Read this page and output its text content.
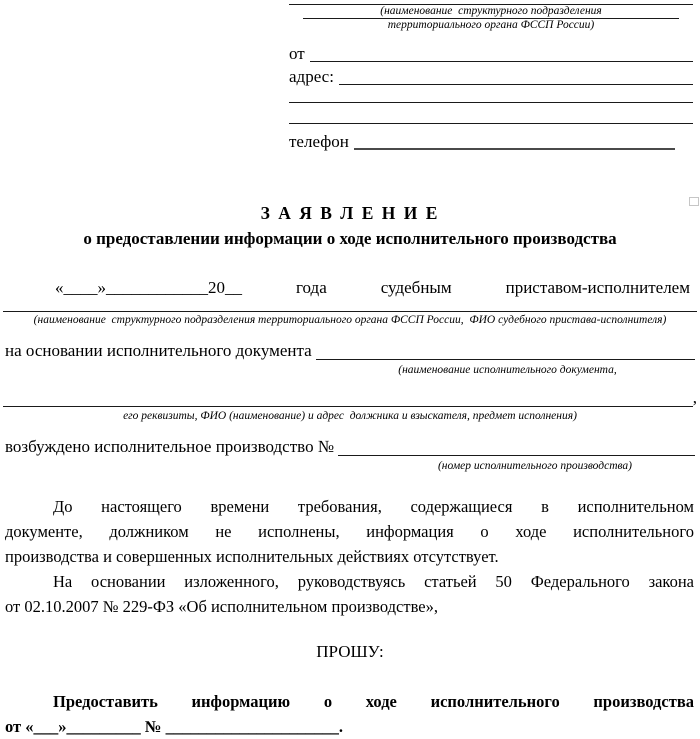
(наименование  структурного подразделения
территориального органа ФССП России)
от
адрес:
телефон
З А Я В Л Е Н И Е
о предоставлении информации о ходе исполнительного производства
«____»____________20__	года	судебным	приставом-исполнителем
(наименование  структурного подразделения территориального органа ФССП России,  ФИО судебного пристава-исполнителя)
на основании исполнительного документа
(наименование исполнительного документа,
,
его реквизиты, ФИО (наименование) и адрес  должника и взыскателя, предмет исполнения)
возбуждено исполнительное производство №
(номер исполнительного производства)
До настоящего времени требования, содержащиеся в исполнительном
документе, должником не исполнены, информация о ходе исполнительного
производства и совершенных исполнительных действиях отсутствует.
На основании изложенного, руководствуясь статьей 50 Федерального закона
от 02.10.2007 № 229-ФЗ «Об исполнительном производстве»,
ПРОШУ:
Предоставить информацию о ходе исполнительного производства
от «___»_________ № _____________________.
